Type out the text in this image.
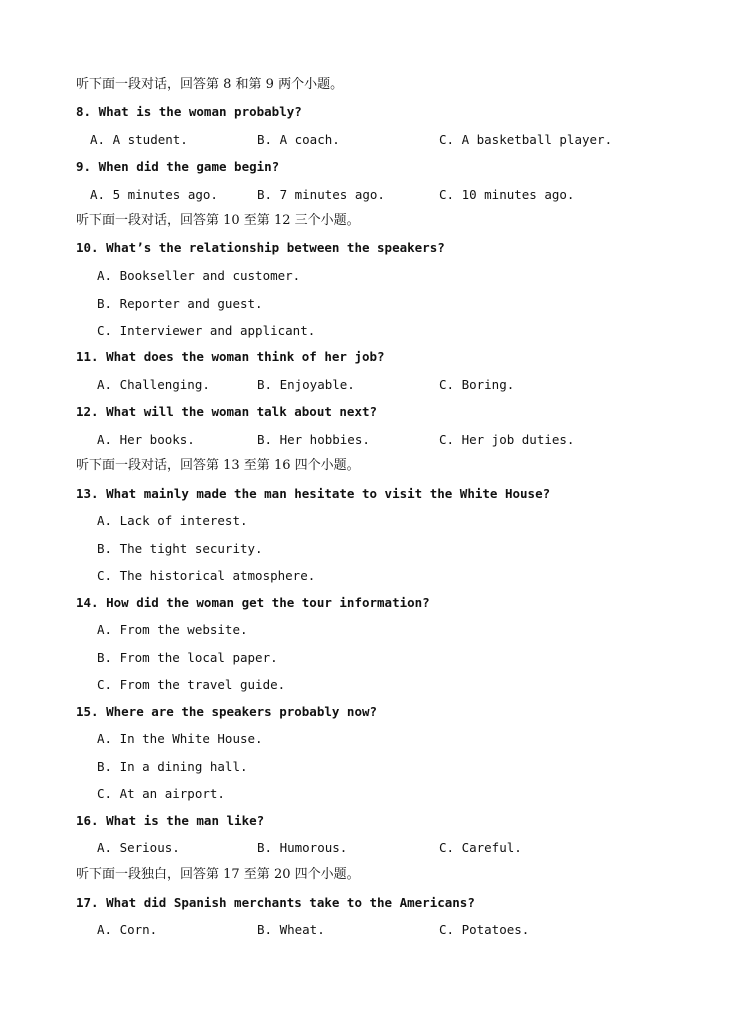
听下面一段对话，回答第 8 和第 9 两个小题。
8. What is the woman probably?
A. A student.	B. A coach.	C. A basketball player.
9. When did the game begin?
A. 5 minutes ago.	B. 7 minutes ago.	C. 10 minutes ago.
听下面一段对话，回答第 10 至第 12 三个小题。
10. What’s the relationship between the speakers?
A. Bookseller and customer.
B. Reporter and guest.
C. Interviewer and applicant.
11. What does the woman think of her job?
A. Challenging.	B. Enjoyable.	C. Boring.
12. What will the woman talk about next?
A. Her books.	B. Her hobbies.	C. Her job duties.
听下面一段对话，回答第 13 至第 16 四个小题。
13. What mainly made the man hesitate to visit the White House?
A. Lack of interest.
B. The tight security.
C. The historical atmosphere.
14. How did the woman get the tour information?
A. From the website.
B. From the local paper.
C. From the travel guide.
15. Where are the speakers probably now?
A. In the White House.
B. In a dining hall.
C. At an airport.
16. What is the man like?
A. Serious.	B. Humorous.	C. Careful.
听下面一段独白，回答第 17 至第 20 四个小题。
17. What did Spanish merchants take to the Americans?
A. Corn.	B. Wheat.	C. Potatoes.
